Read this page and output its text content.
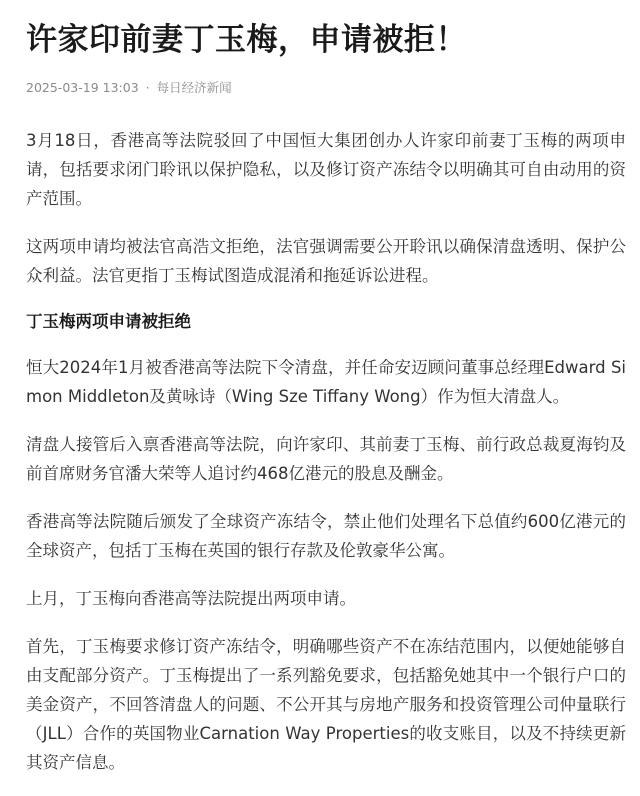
许家印前妻丁玉梅，申请被拒！
2025-03-19 13:03 · 每日经济新闻

3月18日，香港高等法院驳回了中国恒大集团创办人许家印前妻丁玉梅的两项申请，包括要求闭门聆讯以保护隐私，以及修订资产冻结令以明确其可自由动用的资产范围。

这两项申请均被法官高浩文拒绝，法官强调需要公开聆讯以确保清盘透明、保护公众利益。法官更指丁玉梅试图造成混淆和拖延诉讼进程。

丁玉梅两项申请被拒绝

恒大2024年1月被香港高等法院下令清盘，并任命安迈顾问董事总经理Edward Simon Middleton及黄咏诗（Wing Sze Tiffany Wong）作为恒大清盘人。

清盘人接管后入禀香港高等法院，向许家印、其前妻丁玉梅、前行政总裁夏海钧及前首席财务官潘大荣等人追讨约468亿港元的股息及酬金。

香港高等法院随后颁发了全球资产冻结令，禁止他们处理名下总值约600亿港元的全球资产，包括丁玉梅在英国的银行存款及伦敦豪华公寓。

上月，丁玉梅向香港高等法院提出两项申请。

首先，丁玉梅要求修订资产冻结令，明确哪些资产不在冻结范围内，以便她能够自由支配部分资产。丁玉梅提出了一系列豁免要求，包括豁免她其中一个银行户口的美金资产，不回答清盘人的问题、不公开其与房地产服务和投资管理公司仲量联行（JLL）合作的英国物业Carnation Way Properties的收支账目，以及不持续更新其资产信息。
